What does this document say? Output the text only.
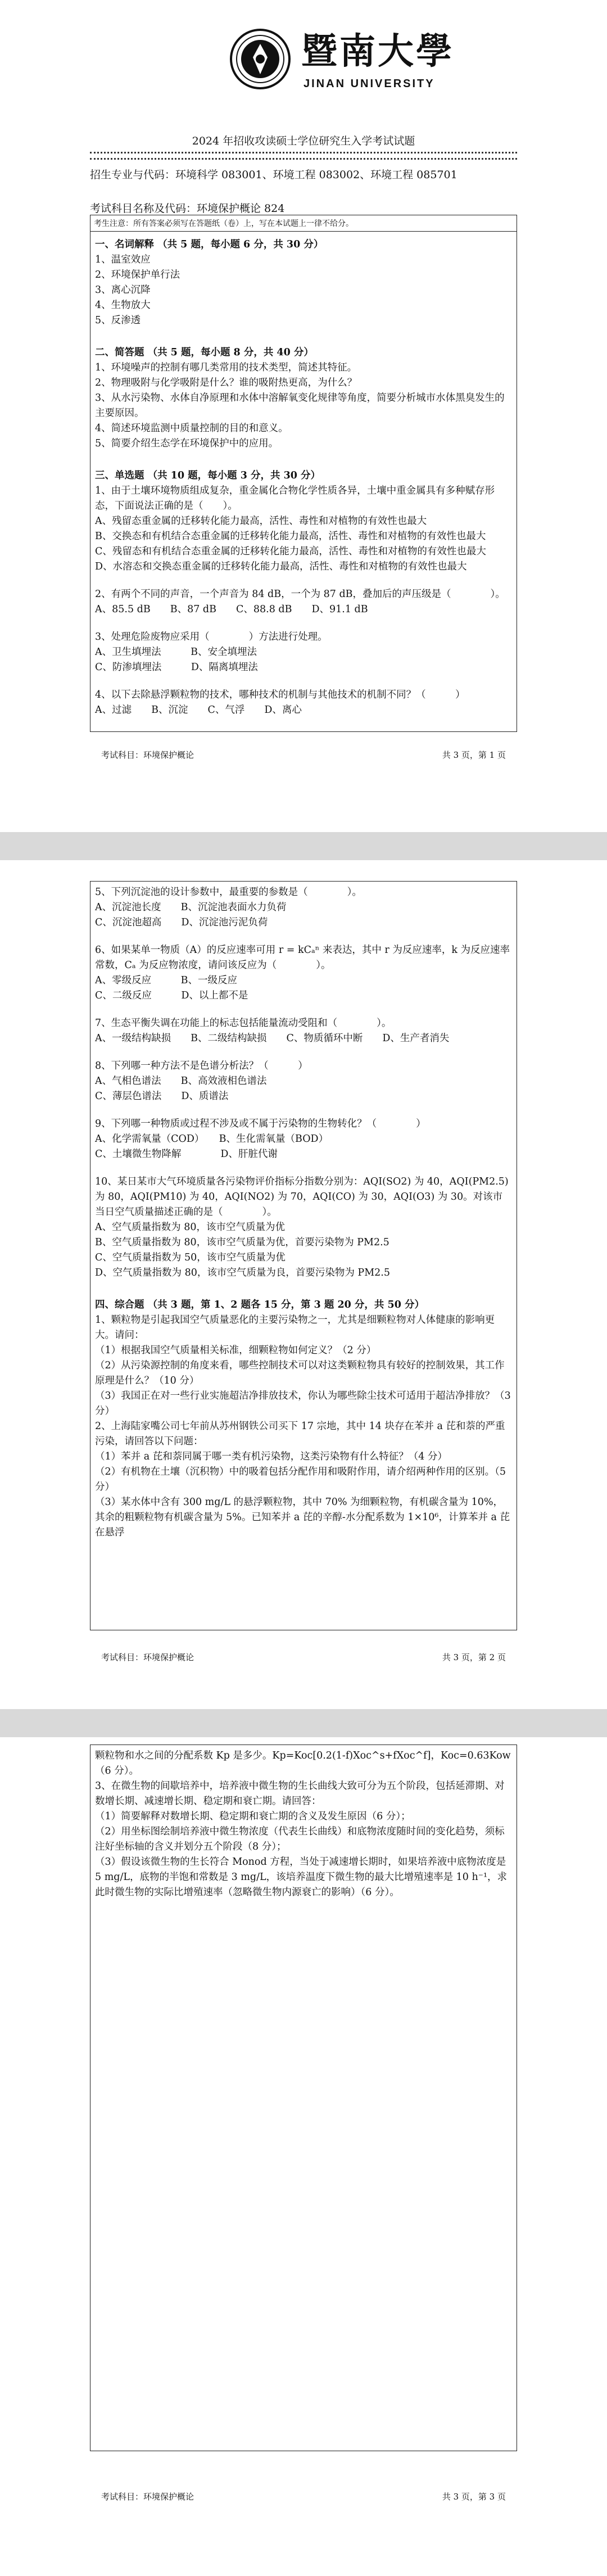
暨南大學
JINAN UNIVERSITY
2024 年招收攻读硕士学位研究生入学考试试题
招生专业与代码：环境科学 083001、环境工程 083002、环境工程 085701
考试科目名称及代码：环境保护概论 824
考生注意：所有答案必须写在答题纸（卷）上，写在本试题上一律不给分。

一、名词解释 （共 5 题，每小题 6 分，共 30 分）

1、温室效应

2、环境保护单行法

3、离心沉降

4、生物放大

5、反渗透

二、简答题 （共 5 题，每小题 8 分，共 40 分）

1、环境噪声的控制有哪几类常用的技术类型，简述其特征。

2、物理吸附与化学吸附是什么？谁的吸附热更高，为什么？

3、从水污染物、水体自净原理和水体中溶解氧变化规律等角度，简要分析城市水体黑臭发生的主要原因。

4、简述环境监测中质量控制的目的和意义。

5、简要介绍生态学在环境保护中的应用。

三、单选题 （共 10 题，每小题 3 分，共 30 分）

1、由于土壤环境物质组成复杂，重金属化合物化学性质各异，土壤中重金属具有多种赋存形态，下面说法正确的是（　　）。

A、残留态重金属的迁移转化能力最高，活性、毒性和对植物的有效性也最大

B、交换态和有机结合态重金属的迁移转化能力最高，活性、毒性和对植物的有效性也最大

C、残留态和有机结合态重金属的迁移转化能力最高，活性、毒性和对植物的有效性也最大

D、水溶态和交换态重金属的迁移转化能力最高，活性、毒性和对植物的有效性也最大

2、有两个不同的声音，一个声音为 84 dB，一个为 87 dB，叠加后的声压级是（　　　　）。

A、85.5 dB　　B、87 dB　　C、88.8 dB　　D、91.1 dB

3、处理危险废物应采用（　　　　）方法进行处理。

A、卫生填埋法　　　B、安全填埋法

C、防渗填埋法　　　D、隔离填埋法

4、以下去除悬浮颗粒物的技术，哪种技术的机制与其他技术的机制不同？（　　　）

A、过滤　　B、沉淀　　C、气浮　　D、离心

考试科目：环境保护概论	共 3 页，第 1 页

5、下列沉淀池的设计参数中，最重要的参数是（　　　　）。

A、沉淀池长度　　B、沉淀池表面水力负荷

C、沉淀池超高　　D、沉淀池污泥负荷

6、如果某单一物质（A）的反应速率可用 r = kCₐⁿ 来表达，其中 r 为反应速率，k 为反应速率常数，Cₐ 为反应物浓度，请问该反应为（　　　　）。

A、零级反应　　　B、一级反应

C、二级反应　　　D、以上都不是

7、生态平衡失调在功能上的标志包括能量流动受阻和（　　　　）。

A、一级结构缺损　　B、二级结构缺损　　C、物质循环中断　　D、生产者消失

8、下列哪一种方法不是色谱分析法？（　　　）

A、气相色谱法　　B、高效液相色谱法

C、薄层色谱法　　D、质谱法

9、下列哪一种物质或过程不涉及或不属于污染物的生物转化？（　　　　）

A、化学需氧量（COD）　　B、生化需氧量（BOD）

C、土壤微生物降解　　　　D、肝脏代谢

10、某日某市大气环境质量各污染物评价指标分指数分别为：AQI(SO2) 为 40，AQI(PM2.5) 为 80，AQI(PM10) 为 40，AQI(NO2) 为 70，AQI(CO) 为 30，AQI(O3) 为 30。对该市当日空气质量描述正确的是（　　　　）。

A、空气质量指数为 80，该市空气质量为优

B、空气质量指数为 80，该市空气质量为优，首要污染物为 PM2.5

C、空气质量指数为 50，该市空气质量为优

D、空气质量指数为 80，该市空气质量为良，首要污染物为 PM2.5

四、综合题 （共 3 题，第 1、2 题各 15 分，第 3 题 20 分，共 50 分）

1、颗粒物是引起我国空气质量恶化的主要污染物之一，尤其是细颗粒物对人体健康的影响更大。请问：

（1）根据我国空气质量相关标准，细颗粒物如何定义？（2 分）

（2）从污染源控制的角度来看，哪些控制技术可以对这类颗粒物具有较好的控制效果，其工作原理是什么？（10 分）

（3）我国正在对一些行业实施超洁净排放技术，你认为哪些除尘技术可适用于超洁净排放？（3 分）

2、上海陆家嘴公司七年前从苏州钢铁公司买下 17 宗地，其中 14 块存在苯并 a 芘和萘的严重污染，请回答以下问题：

（1）苯并 a 芘和萘同属于哪一类有机污染物，这类污染物有什么特征？（4 分）

（2）有机物在土壤（沉积物）中的吸着包括分配作用和吸附作用，请介绍两种作用的区别。（5 分）

（3）某水体中含有 300 mg/L 的悬浮颗粒物，其中 70% 为细颗粒物，有机碳含量为 10%，其余的粗颗粒物有机碳含量为 5%。已知苯并 a 芘的辛醇-水分配系数为 1×10⁶，计算苯并 a 芘在悬浮

考试科目：环境保护概论	共 3 页，第 2 页

颗粒物和水之间的分配系数 Kp 是多少。Kp=Koc[0.2(1-f)Xoc^s+fXoc^f]，Koc=0.63Kow（6 分）。

3、在微生物的间歇培养中，培养液中微生物的生长曲线大致可分为五个阶段，包括延滞期、对数增长期、减速增长期、稳定期和衰亡期。请回答：

（1）简要解释对数增长期、稳定期和衰亡期的含义及发生原因（6 分）；

（2）用坐标图绘制培养液中微生物浓度（代表生长曲线）和底物浓度随时间的变化趋势，须标注好坐标轴的含义并划分五个阶段（8 分）；

（3）假设该微生物的生长符合 Monod 方程，当处于减速增长期时，如果培养液中底物浓度是 5 mg/L，底物的半饱和常数是 3 mg/L，该培养温度下微生物的最大比增殖速率是 10 h⁻¹，求此时微生物的实际比增殖速率（忽略微生物内源衰亡的影响）（6 分）。

考试科目：环境保护概论	共 3 页，第 3 页
